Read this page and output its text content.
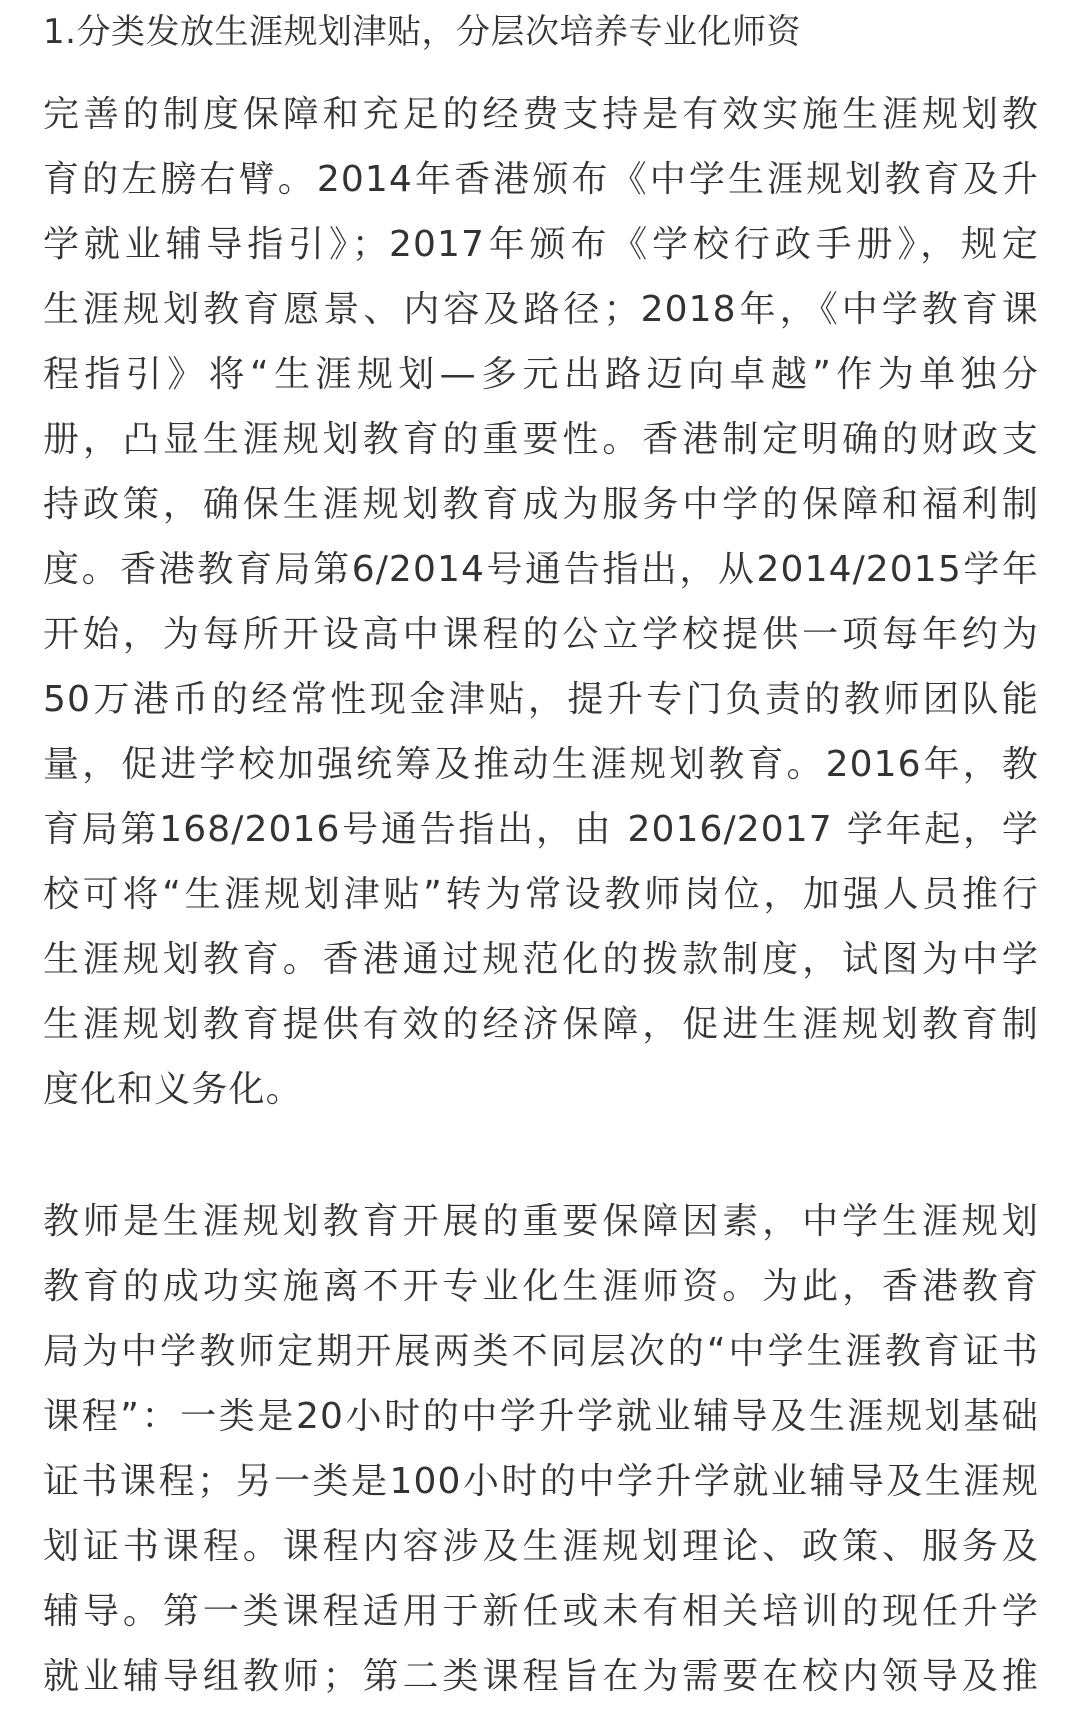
1.分类发放生涯规划津贴，分层次培养专业化师资

完善的制度保障和充足的经费支持是有效实施生涯规划教
育的左膀右臂。2014年香港颁布《中学生涯规划教育及升
学就业辅导指引》；2017年颁布《学校行政手册》，规定
生涯规划教育愿景、内容及路径；2018年，《中学教育课
程指引》将“生涯规划—多元出路迈向卓越”作为单独分
册，凸显生涯规划教育的重要性。香港制定明确的财政支
持政策，确保生涯规划教育成为服务中学的保障和福利制
度。香港教育局第6/2014号通告指出，从2014/2015学年
开始，为每所开设高中课程的公立学校提供一项每年约为
50万港币的经常性现金津贴，提升专门负责的教师团队能
量，促进学校加强统筹及推动生涯规划教育。2016年，教
育局第168/2016号通告指出，由 2016/2017 学年起，学
校可将“生涯规划津贴”转为常设教师岗位，加强人员推行
生涯规划教育。香港通过规范化的拨款制度，试图为中学
生涯规划教育提供有效的经济保障，促进生涯规划教育制
度化和义务化。

教师是生涯规划教育开展的重要保障因素，中学生涯规划
教育的成功实施离不开专业化生涯师资。为此，香港教育
局为中学教师定期开展两类不同层次的“中学生涯教育证书
课程”：一类是20小时的中学升学就业辅导及生涯规划基础
证书课程；另一类是100小时的中学升学就业辅导及生涯规
划证书课程。课程内容涉及生涯规划理论、政策、服务及
辅导。第一类课程适用于新任或未有相关培训的现任升学
就业辅导组教师；第二类课程旨在为需要在校内领导及推
